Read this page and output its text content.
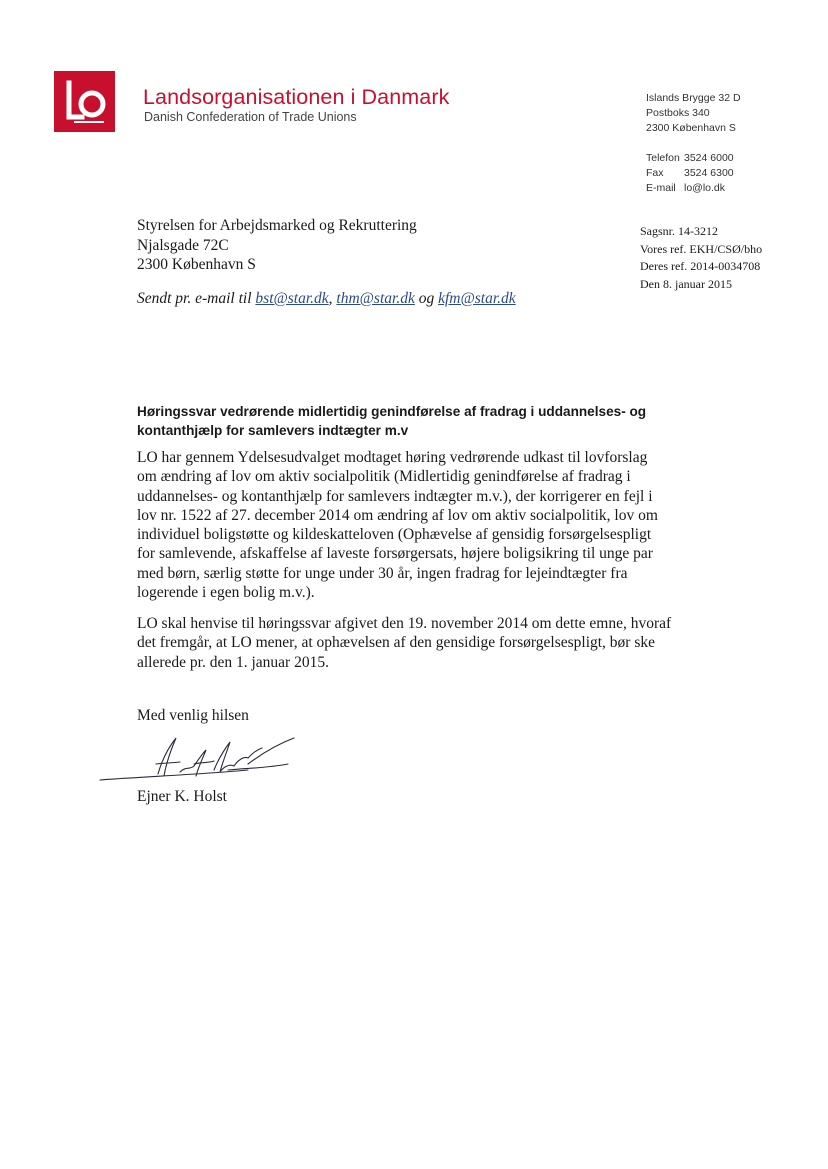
Landsorganisationen i Danmark
Danish Confederation of Trade Unions
Islands Brygge 32 D
Postboks 340
2300 København S
Telefon 3524 6000
Fax 3524 6300
E-mail lo@lo.dk
Styrelsen for Arbejdsmarked og Rekruttering
Njalsgade 72C
2300 København S
Sagsnr. 14-3212
Vores ref. EKH/CSØ/bho
Deres ref. 2014-0034708
Den 8. januar 2015
Sendt pr. e-mail til bst@star.dk, thm@star.dk og kfm@star.dk
Høringssvar vedrørende midlertidig genindførelse af fradrag i uddannelses- og
kontanthjælp for samlevers indtægter m.v
LO har gennem Ydelsesudvalget modtaget høring vedrørende udkast til lovforslag
om ændring af lov om aktiv socialpolitik (Midlertidig genindførelse af fradrag i
uddannelses- og kontanthjælp for samlevers indtægter m.v.), der korrigerer en fejl i
lov nr. 1522 af 27. december 2014 om ændring af lov om aktiv socialpolitik, lov om
individuel boligstøtte og kildeskatteloven (Ophævelse af gensidig forsørgelsespligt
for samlevende, afskaffelse af laveste forsørgersats, højere boligsikring til unge par
med børn, særlig støtte for unge under 30 år, ingen fradrag for lejeindtægter fra
logerende i egen bolig m.v.).
LO skal henvise til høringssvar afgivet den 19. november 2014 om dette emne, hvoraf
det fremgår, at LO mener, at ophævelsen af den gensidige forsørgelsespligt, bør ske
allerede pr. den 1. januar 2015.
Med venlig hilsen
Ejner K. Holst
